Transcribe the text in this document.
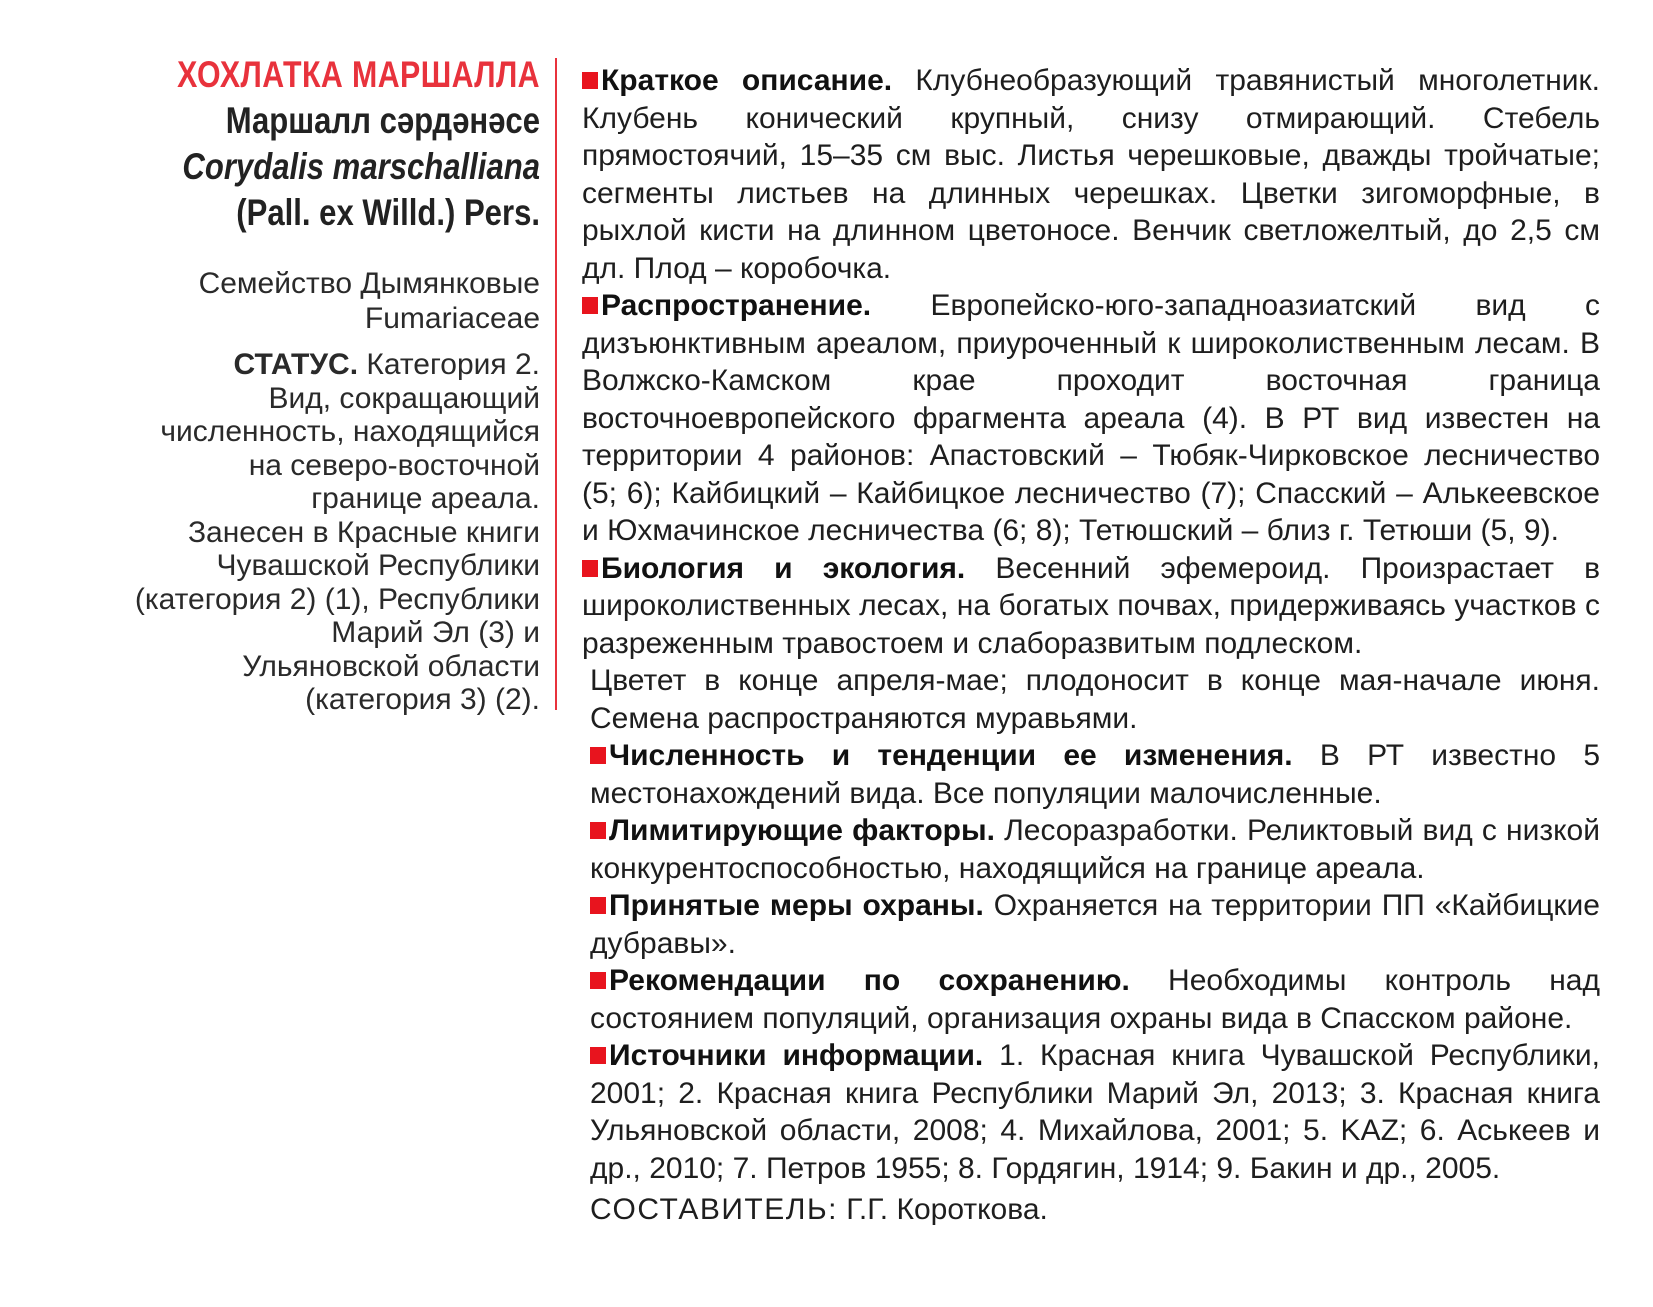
ХОХЛАТКА МАРШАЛЛА
Маршалл сәрдәнәсе
Corydalis marschalliana
(Pall. ex Willd.) Pers.
Семейство Дымянковые
Fumariaceae
СТАТУС. Категория 2.
Вид, сокращающий
численность, находящийся
на северо-восточной
границе ареала.
Занесен в Красные книги
Чувашской Республики
(категория 2) (1), Республики
Марий Эл (3) и
Ульяновской области
(категория 3) (2).

Краткое описание. Клубнеобразующий травянистый многолетник. Клубень конический крупный, снизу отмирающий. Стебель прямостоячий, 15–35 см выс. Листья черешковые, дважды тройчатые; сегменты листьев на длинных черешках. Цветки зигоморфные, в рыхлой кисти на длинном цветоносе. Венчик светложелтый, до 2,5 см дл. Плод – коробочка.

Распространение. Европейско-юго-западноазиатский вид с дизъюнктивным ареалом, приуроченный к широколиственным лесам. В Волжско-Камском крае проходит восточная граница восточноевропейского фрагмента ареала (4). В РТ вид известен на территории 4 районов: Апастовский – Тюбяк-Чирковское лесничество (5; 6); Кайбицкий – Кайбицкое лесничество (7); Спасский – Алькеевское и Юхмачинское лесничества (6; 8); Тетюшский – близ г. Тетюши (5, 9).

Биология и экология. Весенний эфемероид. Произрастает в широколиственных лесах, на богатых почвах, придерживаясь участков с разреженным травостоем и слаборазвитым подлеском.

Цветет в конце апреля-мае; плодоносит в конце мая-начале июня. Семена распространяются муравьями.

Численность и тенденции ее изменения. В РТ известно 5 местонахождений вида. Все популяции малочисленные.

Лимитирующие факторы. Лесоразработки. Реликтовый вид с низкой конкурентоспособностью, находящийся на границе ареала.

Принятые меры охраны. Охраняется на территории ПП «Кайбицкие дубравы».

Рекомендации по сохранению. Необходимы контроль над состоянием популяций, организация охраны вида в Спасском районе.

Источники информации. 1. Красная книга Чувашской Республики, 2001; 2. Красная книга Республики Марий Эл, 2013; 3. Красная книга Ульяновской области, 2008; 4. Михайлова, 2001; 5. KAZ; 6. Аськеев и др., 2010; 7. Петров 1955; 8. Гордягин, 1914; 9. Бакин и др., 2005.

СОСТАВИТЕЛЬ: Г.Г. Короткова.
